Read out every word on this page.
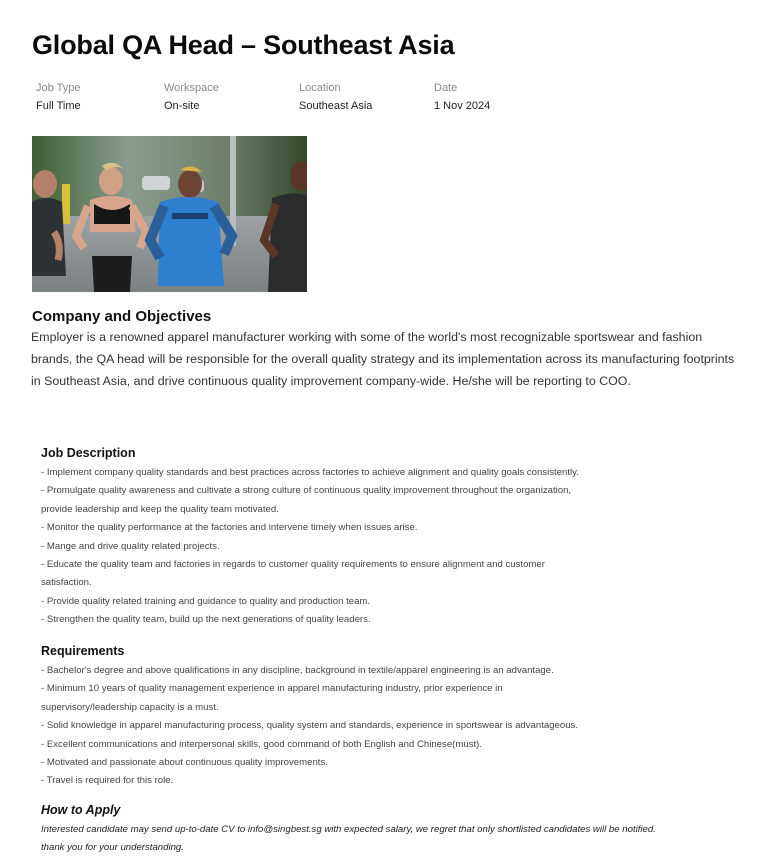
Global QA Head – Southeast Asia
Job Type
Full Time
Workspace
On-site
Location
Southeast Asia
Date
1 Nov 2024
Company and Objectives
Employer is a renowned apparel manufacturer working with some of the world's most recognizable sportswear and fashion brands, the QA head will be responsible for the overall quality strategy and its implementation across its manufacturing footprints in Southeast Asia, and drive continuous quality improvement company-wide. He/she will be reporting to COO.
Job Description
- Implement company quality standards and best practices across factories to achieve alignment and quality goals consistently.
- Promulgate quality awareness and cultivate a strong culture of continuous quality improvement throughout the organization,
provide leadership and keep the quality team motivated.
- Monitor the quality performance at the factories and intervene timely when issues arise.
- Mange and drive quality related projects.
- Educate the quality team and factories in regards to customer quality requirements to ensure alignment and customer
satisfaction.
- Provide quality related training and guidance to quality and production team.
- Strengthen the quality team, build up the next generations of quality leaders.
Requirements
- Bachelor's degree and above qualifications in any discipline, background in textile/apparel engineering is an advantage.
- Minimum 10 years of quality management experience in apparel manufacturing industry, prior experience in
supervisory/leadership capacity is a must.
- Solid knowledge in apparel manufacturing process, quality system and standards, experience in sportswear is advantageous.
- Excellent communications and interpersonal skills, good command of both English and Chinese(must).
- Motivated and passionate about continuous quality improvements.
- Travel is required for this role.
How to Apply
Interested candidate may send up-to-date CV to info@singbest.sg with expected salary, we regret that only shortlisted candidates will be notified. thank you for your understanding.
